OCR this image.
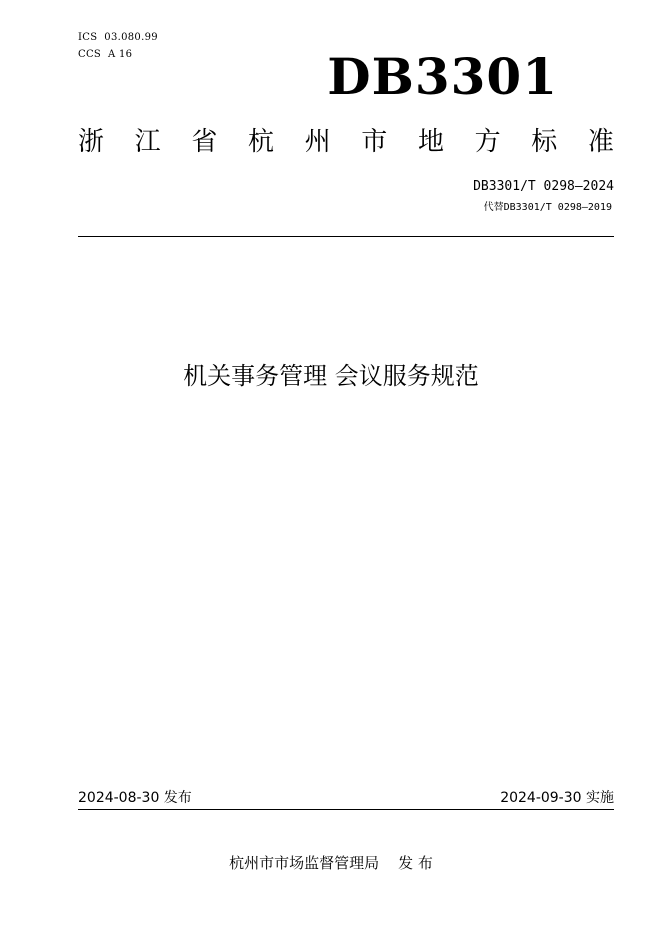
ICS  03.080.99
CCS  A 16	DB3301
浙 江 省 杭 州 市 地 方 标 准
DB3301/T 0298—2024
代替DB3301/T 0298—2019
机关事务管理 会议服务规范
2024-08-30 发布	2024-09-30 实施
杭州市市场监督管理局    发 布
